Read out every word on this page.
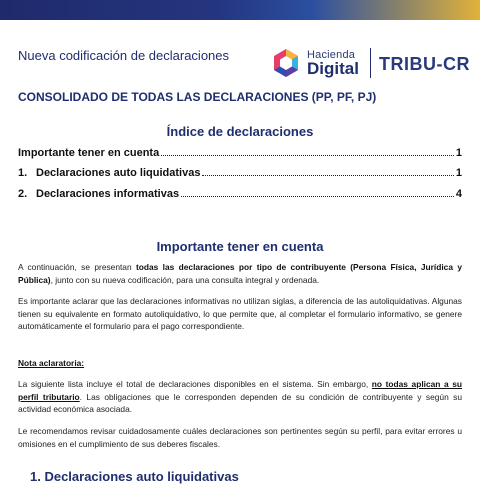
Nueva codificación de declaraciones	Hacienda
Digital TRIBU-CR
CONSOLIDADO DE TODAS LAS DECLARACIONES (PP, PF, PJ)
Índice de declaraciones
Importante tener en cuenta	1
1. Declaraciones auto liquidativas	1
2. Declaraciones informativas	4
Importante tener en cuenta
A continuación, se presentan todas las declaraciones por tipo de contribuyente (Persona Física, Jurídica y Pública), junto con su nueva codificación, para una consulta integral y ordenada.
Es importante aclarar que las declaraciones informativas no utilizan siglas, a diferencia de las autoliquidativas. Algunas tienen su equivalente en formato autoliquidativo, lo que permite que, al completar el formulario informativo, se genere automáticamente el formulario para el pago correspondiente.
Nota aclaratoria:
La siguiente lista incluye el total de declaraciones disponibles en el sistema. Sin embargo, no todas aplican a su perfil tributario. Las obligaciones que le corresponden dependen de su condición de contribuyente y según su actividad económica asociada.
Le recomendamos revisar cuidadosamente cuáles declaraciones son pertinentes según su perfil, para evitar errores u omisiones en el cumplimiento de sus deberes fiscales.
1. Declaraciones auto liquidativas
